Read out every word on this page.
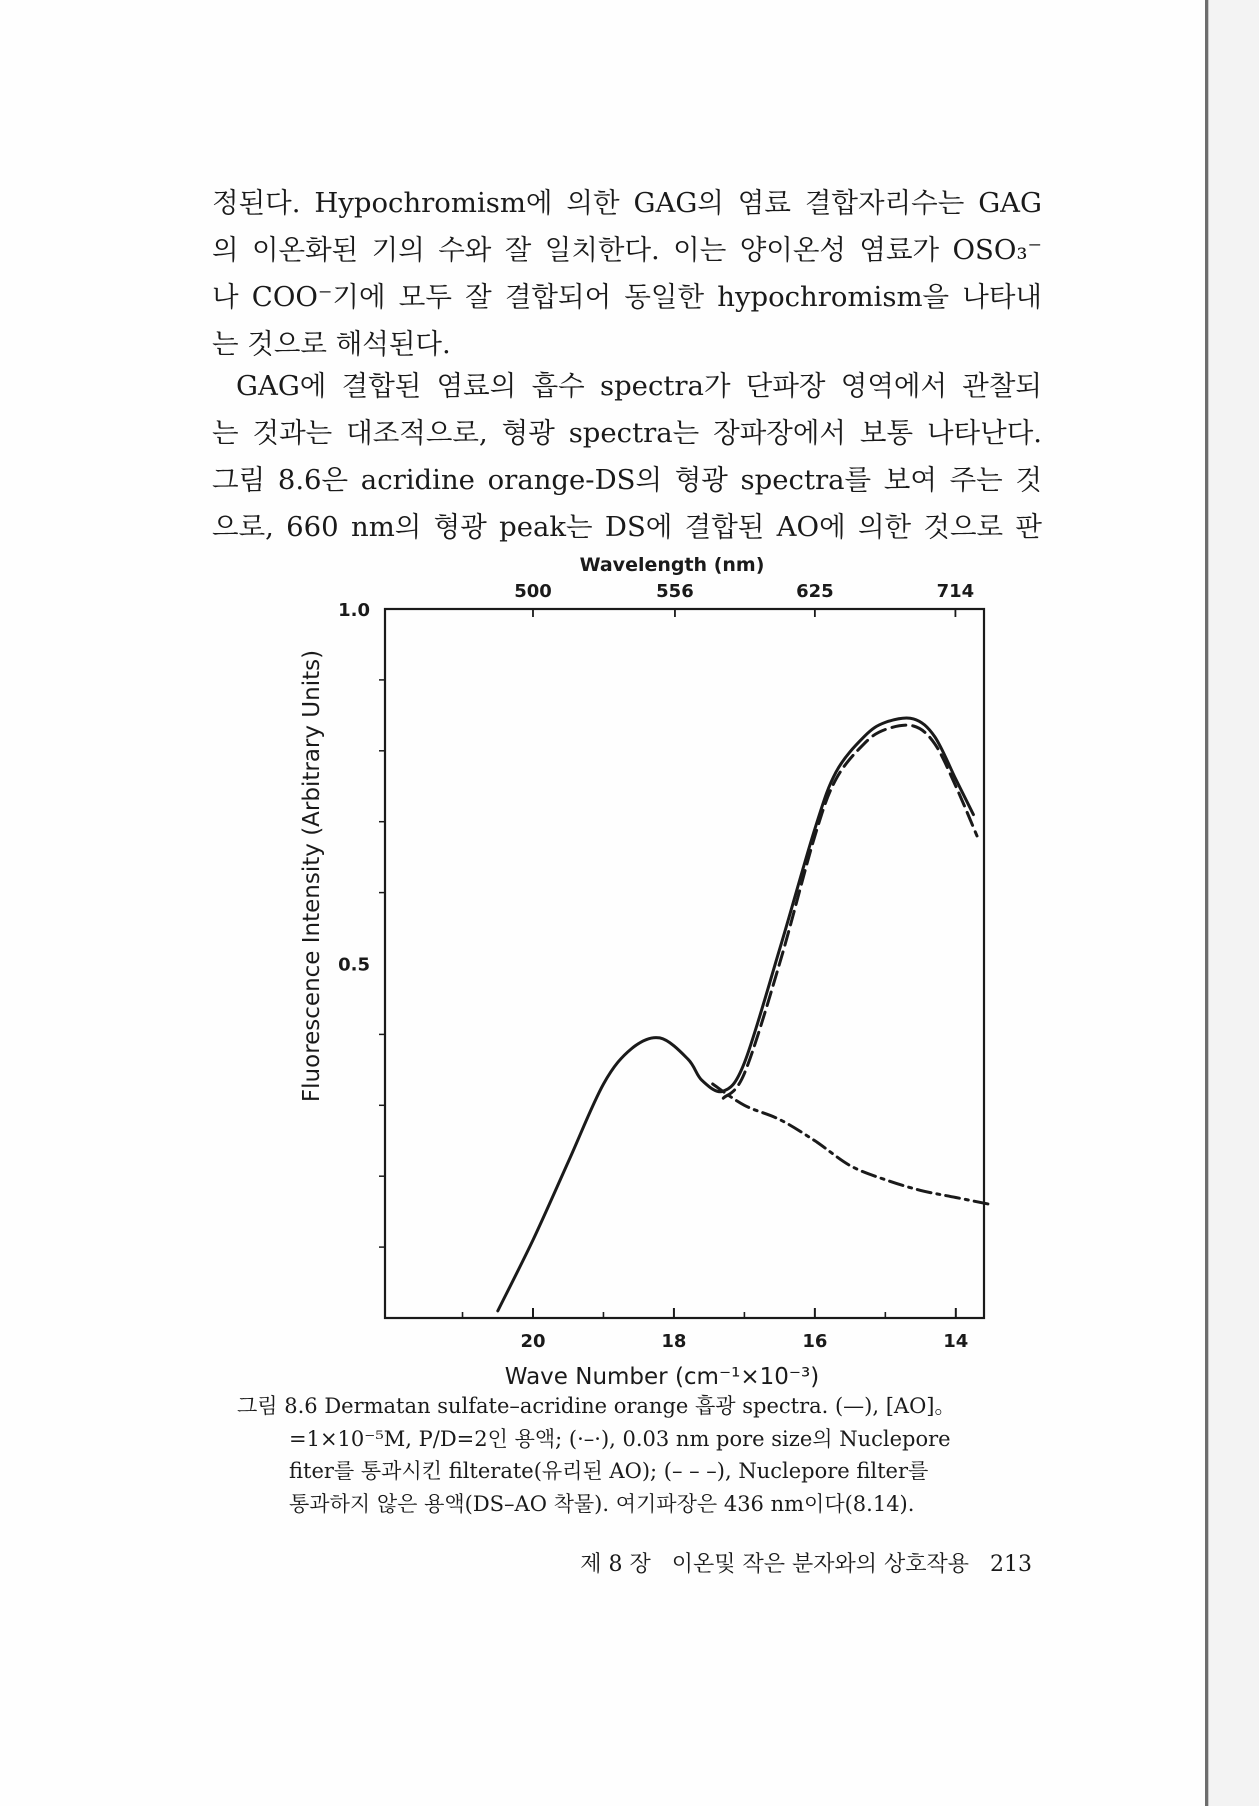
정된다. Hypochromism에 의한 GAG의 염료 결합자리수는 GAG
의 이온화된 기의 수와 잘 일치한다. 이는 양이온성 염료가 OSO₃⁻
나 COO⁻기에 모두 잘 결합되어 동일한 hypochromism을 나타내
는 것으로 해석된다.
GAG에 결합된 염료의 흡수 spectra가 단파장 영역에서 관찰되
는 것과는 대조적으로, 형광 spectra는 장파장에서 보통 나타난다.
그림 8.6은 acridine orange-DS의 형광 spectra를 보여 주는 것
으로, 660 nm의 형광 peak는 DS에 결합된 AO에 의한 것으로 판
Wavelength (nm)
Fluorescence Intensity (Arbitrary Units)
Wave Number (cm⁻¹×10⁻³)
20	18	16	14
500	556	625	714
1.0
0.5
그림 8.6 Dermatan sulfate–acridine orange 흡광 spectra. (—), [AO]。
=1×10⁻⁵M, P/D=2인 용액; (·–·), 0.03 nm pore size의 Nuclepore
fiter를 통과시킨 filterate(유리된 AO); (– – –), Nuclepore filter를
통과하지 않은 용액(DS–AO 착물). 여기파장은 436 nm이다(8.14).
제 8 장 이온및 작은 분자와의 상호작용 213
